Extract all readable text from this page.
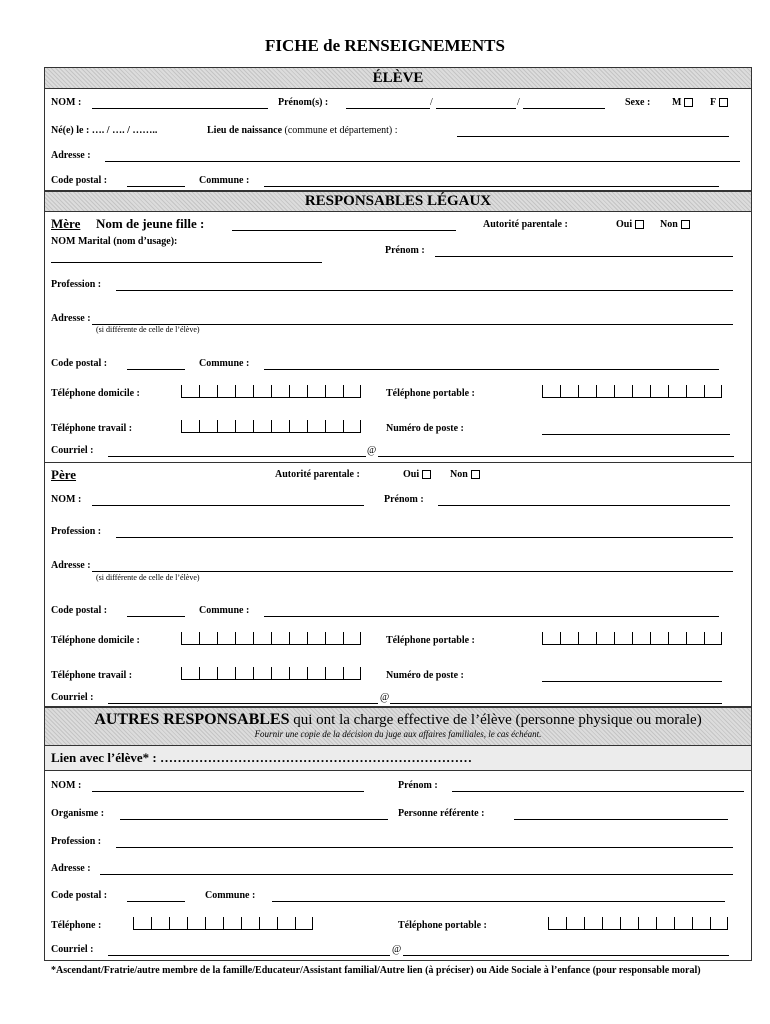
FICHE de RENSEIGNEMENTS
ÉLÈVE
NOM :	Prénom(s) :	/	/	Sexe : M	F
Né(e) le : …. / …. / ……..	Lieu de naissance (commune et département) :
Adresse :
Code postal :	Commune :
RESPONSABLES LÉGAUX
Mère Nom de jeune fille :	Autorité parentale :	Oui	Non
NOM Marital (nom d’usage):
Prénom :
Profession :
Adresse :
(si différente de celle de l’élève)
Code postal :	Commune :
Téléphone domicile :	Téléphone portable :
Téléphone travail :	Numéro de poste :
Courriel :	@
Père	Autorité parentale :	Oui	Non
NOM :	Prénom :
Profession :
Adresse :
(si différente de celle de l’élève)
Code postal :	Commune :
Téléphone domicile :	Téléphone portable :
Téléphone travail :	Numéro de poste :
Courriel :	@
AUTRES RESPONSABLES qui ont la charge effective de l’élève (personne physique ou morale)
Fournir une copie de la décision du juge aux affaires familiales, le cas échéant.
Lien avec l’élève* : ………………………………………………………………
NOM :	Prénom :
Organisme :	Personne référente :
Profession :
Adresse :
Code postal :	Commune :
Téléphone :	Téléphone portable :
Courriel :	@
*Ascendant/Fratrie/autre membre de la famille/Educateur/Assistant familial/Autre lien (à préciser) ou Aide Sociale à l’enfance (pour responsable moral)
